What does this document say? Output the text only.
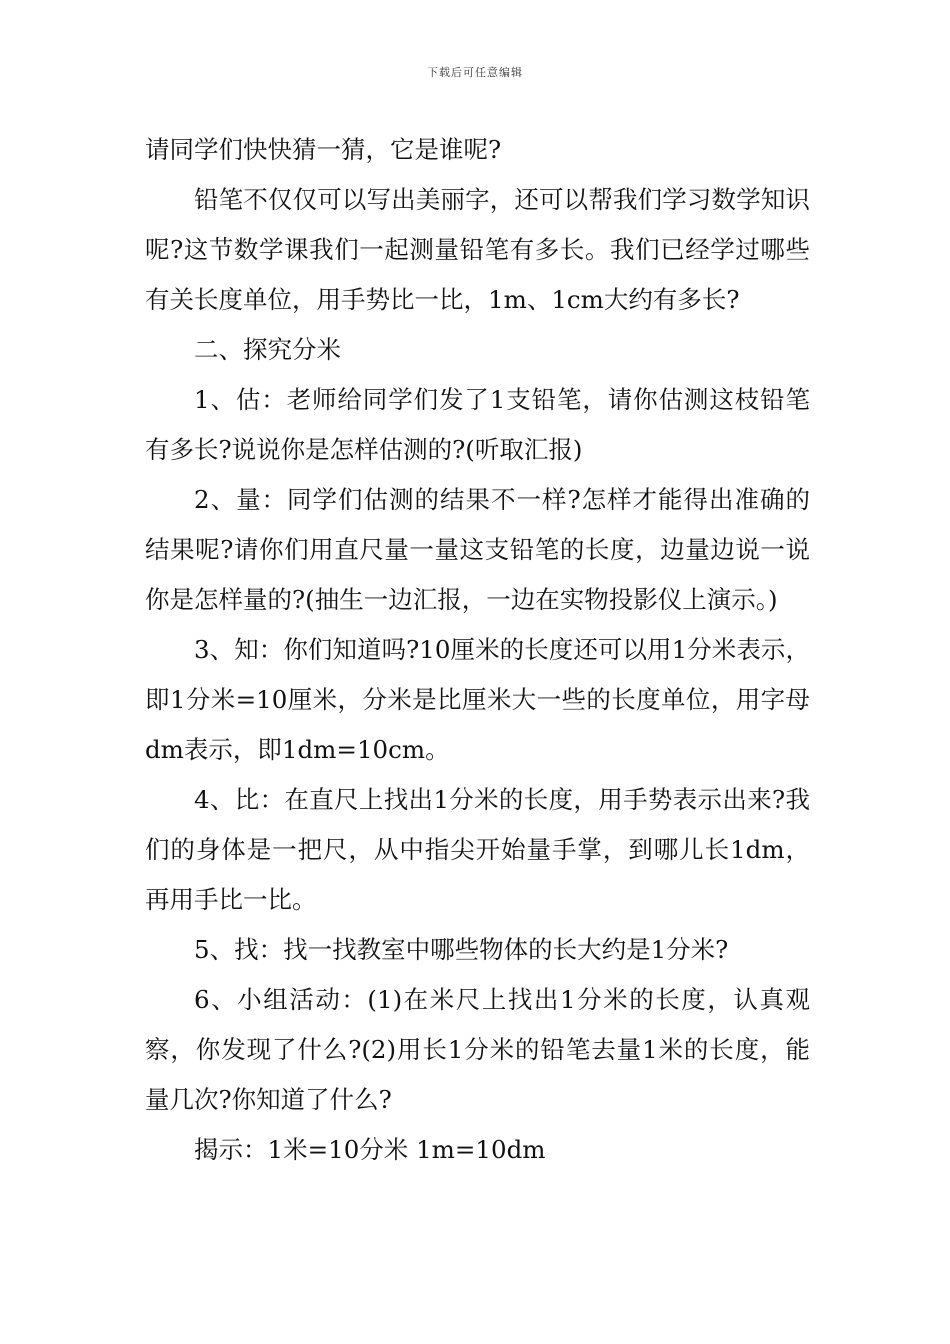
下载后可任意编辑

请同学们快快猜一猜，它是谁呢?

铅笔不仅仅可以写出美丽字，还可以帮我们学习数学知识呢?这节数学课我们一起测量铅笔有多长。我们已经学过哪些有关长度单位，用手势比一比，1m、1cm大约有多长?

二、探究分米

1、估：老师给同学们发了1支铅笔，请你估测这枝铅笔有多长?说说你是怎样估测的?(听取汇报)

2、量：同学们估测的结果不一样?怎样才能得出准确的结果呢?请你们用直尺量一量这支铅笔的长度，边量边说一说你是怎样量的?(抽生一边汇报，一边在实物投影仪上演示。)

3、知：你们知道吗?10厘米的长度还可以用1分米表示，即1分米=10厘米，分米是比厘米大一些的长度单位，用字母dm表示，即1dm=10cm。

4、比：在直尺上找出1分米的长度，用手势表示出来?我们的身体是一把尺，从中指尖开始量手掌，到哪儿长1dm，再用手比一比。

5、找：找一找教室中哪些物体的长大约是1分米?

6、小组活动：(1)在米尺上找出1分米的长度，认真观察，你发现了什么?(2)用长1分米的铅笔去量1米的长度，能量几次?你知道了什么?

揭示：1米=10分米 1m=10dm
